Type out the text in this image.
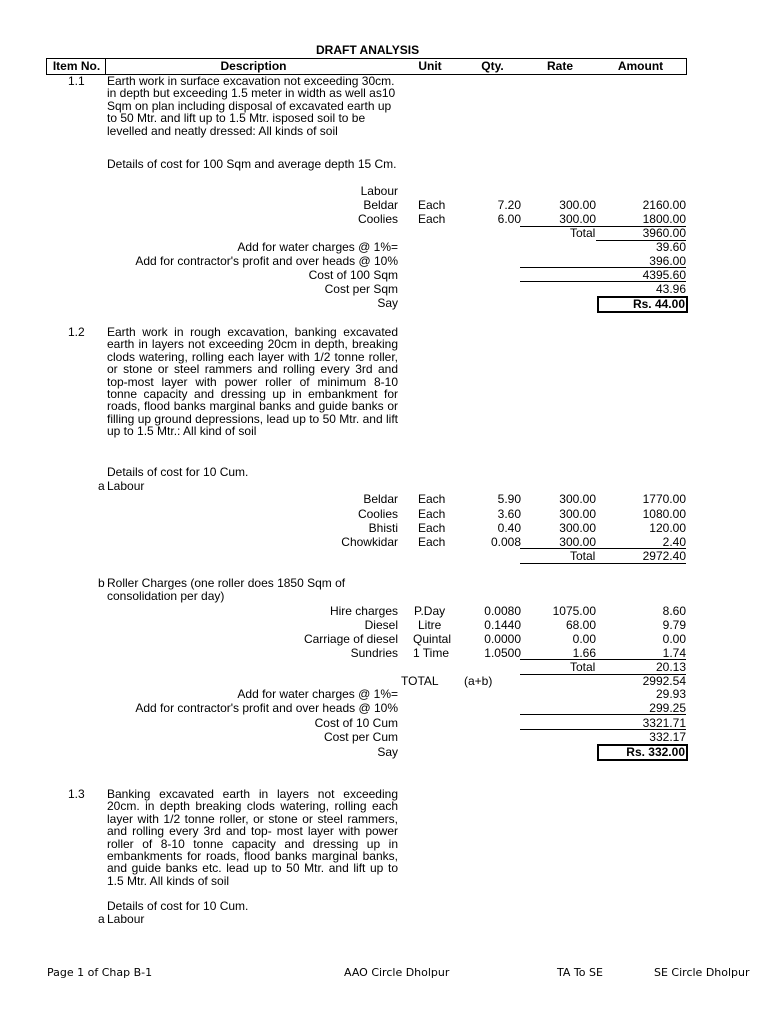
DRAFT ANALYSIS
Item No.	Description	Unit	Qty.	Rate	Amount
1.1 Earth work in surface excavation not exceeding 30cm. in depth but exceeding 1.5 meter in width as well as10 Sqm on plan including disposal of excavated earth up to 50 Mtr. and lift up to 1.5 Mtr. isposed soil to be levelled and neatly dressed: All kinds of soil
Details of cost for 100 Sqm and average depth 15 Cm.
Labour
Beldar Each	7.20	300.00	2160.00
Coolies Each	6.00	300.00	1800.00
Total	3960.00
Add for water charges @ 1%=	39.60
Add for contractor's profit and over heads @ 10%	396.00
Cost of 100 Sqm	4395.60
Cost per Sqm	43.96
Say	Rs. 44.00
1.2 Earth work in rough excavation, banking excavated earth in layers not exceeding 20cm in depth, breaking clods watering, rolling each layer with 1/2 tonne roller, or stone or steel rammers and rolling every 3rd and top-most layer with power roller of minimum 8-10 tonne capacity and dressing up in embankment for roads, flood banks marginal banks and guide banks or filling up ground depressions, lead up to 50 Mtr. and lift up to 1.5 Mtr.: All kind of soil
Details of cost for 10 Cum.
a Labour
Beldar Each	5.90	300.00	1770.00
Coolies Each	3.60	300.00	1080.00
Bhisti Each	0.40	300.00	120.00
Chowkidar Each	0.008	300.00	2.40
Total	2972.40
b Roller Charges (one roller does 1850 Sqm of
consolidation per day)
Hire charges P.Day	0.0080	1075.00	8.60
Diesel Litre	0.1440	68.00	9.79
Carriage of diesel Quintal	0.0000	0.00	0.00
Sundries 1 Time	1.0500	1.66	1.74
Total	20.13
TOTAL (a+b)	2992.54
Add for water charges @ 1%=	29.93
Add for contractor's profit and over heads @ 10%	299.25
Cost of 10 Cum	3321.71
Cost per Cum	332.17
Say	Rs. 332.00
1.3 Banking excavated earth in layers not exceeding 20cm. in depth breaking clods watering, rolling each layer with 1/2 tonne roller, or stone or steel rammers, and rolling every 3rd and top- most layer with power roller of 8-10 tonne capacity and dressing up in embankments for roads, flood banks marginal banks, and guide banks etc. lead up to 50 Mtr. and lift up to 1.5 Mtr. All kinds of soil
Details of cost for 10 Cum.
a Labour
Page 1 of Chap B-1	AAO Circle Dholpur	TA To SE	SE Circle Dholpur
